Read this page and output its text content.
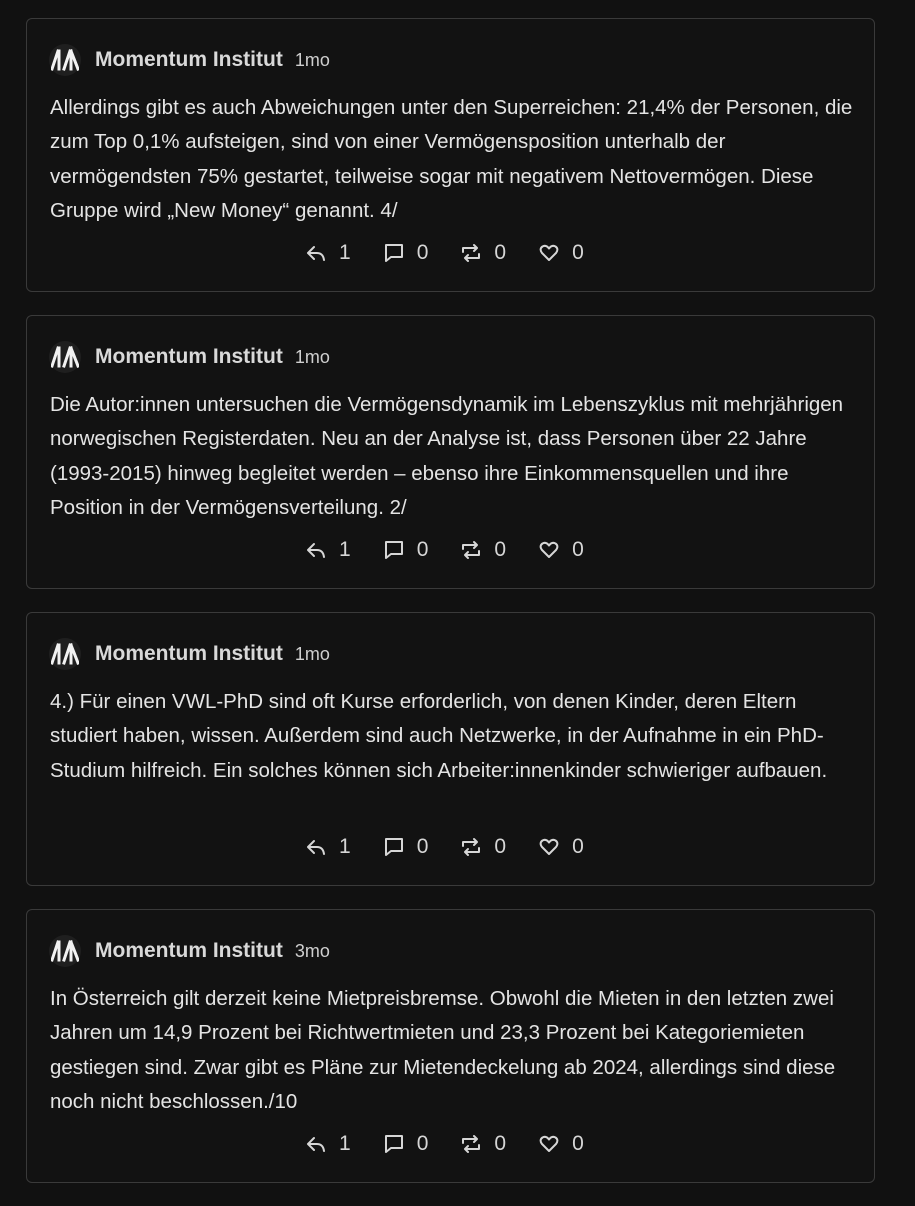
Momentum Institut 1mo

Allerdings gibt es auch Abweichungen unter den Superreichen: 21,4% der Personen, die zum Top 0,1% aufsteigen, sind von einer Vermögensposition unterhalb der vermögendsten 75% gestartet, teilweise sogar mit negativem Nettovermögen. Diese Gruppe wird „New Money“ genannt. 4/

1	0	0	0
Momentum Institut 1mo

Die Autor:innen untersuchen die Vermögensdynamik im Lebenszyklus mit mehrjährigen norwegischen Registerdaten. Neu an der Analyse ist, dass Personen über 22 Jahre (1993-2015) hinweg begleitet werden – ebenso ihre Einkommensquellen und ihre Position in der Vermögensverteilung. 2/

1	0	0	0
Momentum Institut 1mo

4.) Für einen VWL-PhD sind oft Kurse erforderlich, von denen Kinder, deren Eltern studiert haben, wissen. Außerdem sind auch Netzwerke, in der Aufnahme in ein PhD-Studium hilfreich. Ein solches können sich Arbeiter:innenkinder schwieriger aufbauen.

1	0	0	0
Momentum Institut 3mo

In Österreich gilt derzeit keine Mietpreisbremse. Obwohl die Mieten in den letzten zwei Jahren um 14,9 Prozent bei Richtwertmieten und 23,3 Prozent bei Kategoriemieten gestiegen sind. Zwar gibt es Pläne zur Mietendeckelung ab 2024, allerdings sind diese noch nicht beschlossen./10

1	0	0	0
